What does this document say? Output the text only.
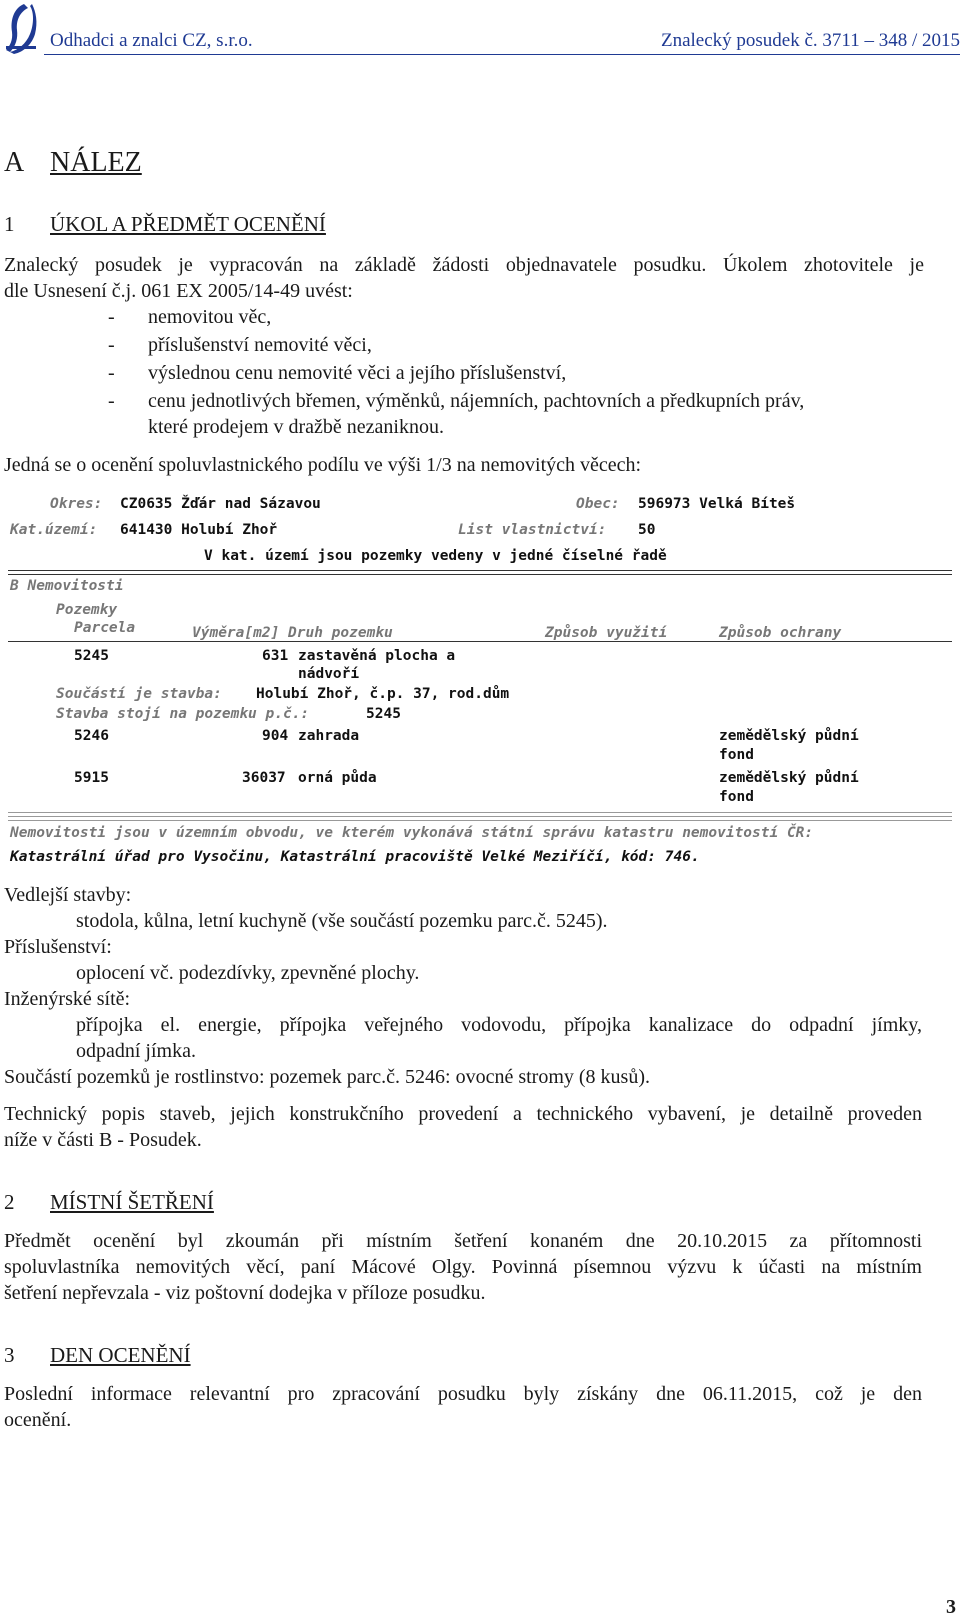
Odhadci a znalci CZ, s.r.o.	Znalecký posudek č. 3711 – 348 / 2015
A NÁLEZ
1 ÚKOL A PŘEDMĚT OCENĚNÍ
Znalecký posudek je vypracován na základě žádosti objednavatele posudku. Úkolem zhotovitele je
dle Usnesení č.j. 061 EX 2005/14-49 uvést:
- nemovitou věc,
- příslušenství nemovité věci,
- výslednou cenu nemovité věci a jejího příslušenství,
- cenu jednotlivých břemen, výměnků, nájemních, pachtovních a předkupních práv,
které prodejem v dražbě nezaniknou.
Jedná se o ocenění spoluvlastnického podílu ve výši 1/3 na nemovitých věcech:
Okres: CZ0635 Žďár nad Sázavou	Obec: 596973 Velká Bíteš
Kat.území: 641430 Holubí Zhoř	List vlastnictví: 50
V kat. území jsou pozemky vedeny v jedné číselné řadě
B Nemovitosti
Pozemky
Parcela	Výměra[m2] Druh pozemku	Způsob využití	Způsob ochrany
5245	631 zastavěná plocha a
nádvoří
Součástí je stavba: Holubí Zhoř, č.p. 37, rod.dům
Stavba stojí na pozemku p.č.:	5245
5246	904 zahrada	zemědělský půdní
fond
5915	36037 orná půda	zemědělský půdní
fond
Nemovitosti jsou v územním obvodu, ve kterém vykonává státní správu katastru nemovitostí ČR:
Katastrální úřad pro Vysočinu, Katastrální pracoviště Velké Meziříčí, kód: 746.
Vedlejší stavby:
stodola, kůlna, letní kuchyně (vše součástí pozemku parc.č. 5245).
Příslušenství:
oplocení vč. podezdívky, zpevněné plochy.
Inženýrské sítě:
přípojka el. energie, přípojka veřejného vodovodu, přípojka kanalizace do odpadní jímky,
odpadní jímka.
Součástí pozemků je rostlinstvo: pozemek parc.č. 5246: ovocné stromy (8 kusů).
Technický popis staveb, jejich konstrukčního provedení a technického vybavení, je detailně proveden
níže v části B - Posudek.
2 MÍSTNÍ ŠETŘENÍ
Předmět ocenění byl zkoumán při místním šetření konaném dne 20.10.2015 za přítomnosti
spoluvlastníka nemovitých věcí, paní Mácové Olgy. Povinná písemnou výzvu k účasti na místním
šetření nepřevzala - viz poštovní dodejka v příloze posudku.
3 DEN OCENĚNÍ
Poslední informace relevantní pro zpracování posudku byly získány dne 06.11.2015, což je den
ocenění.
3
